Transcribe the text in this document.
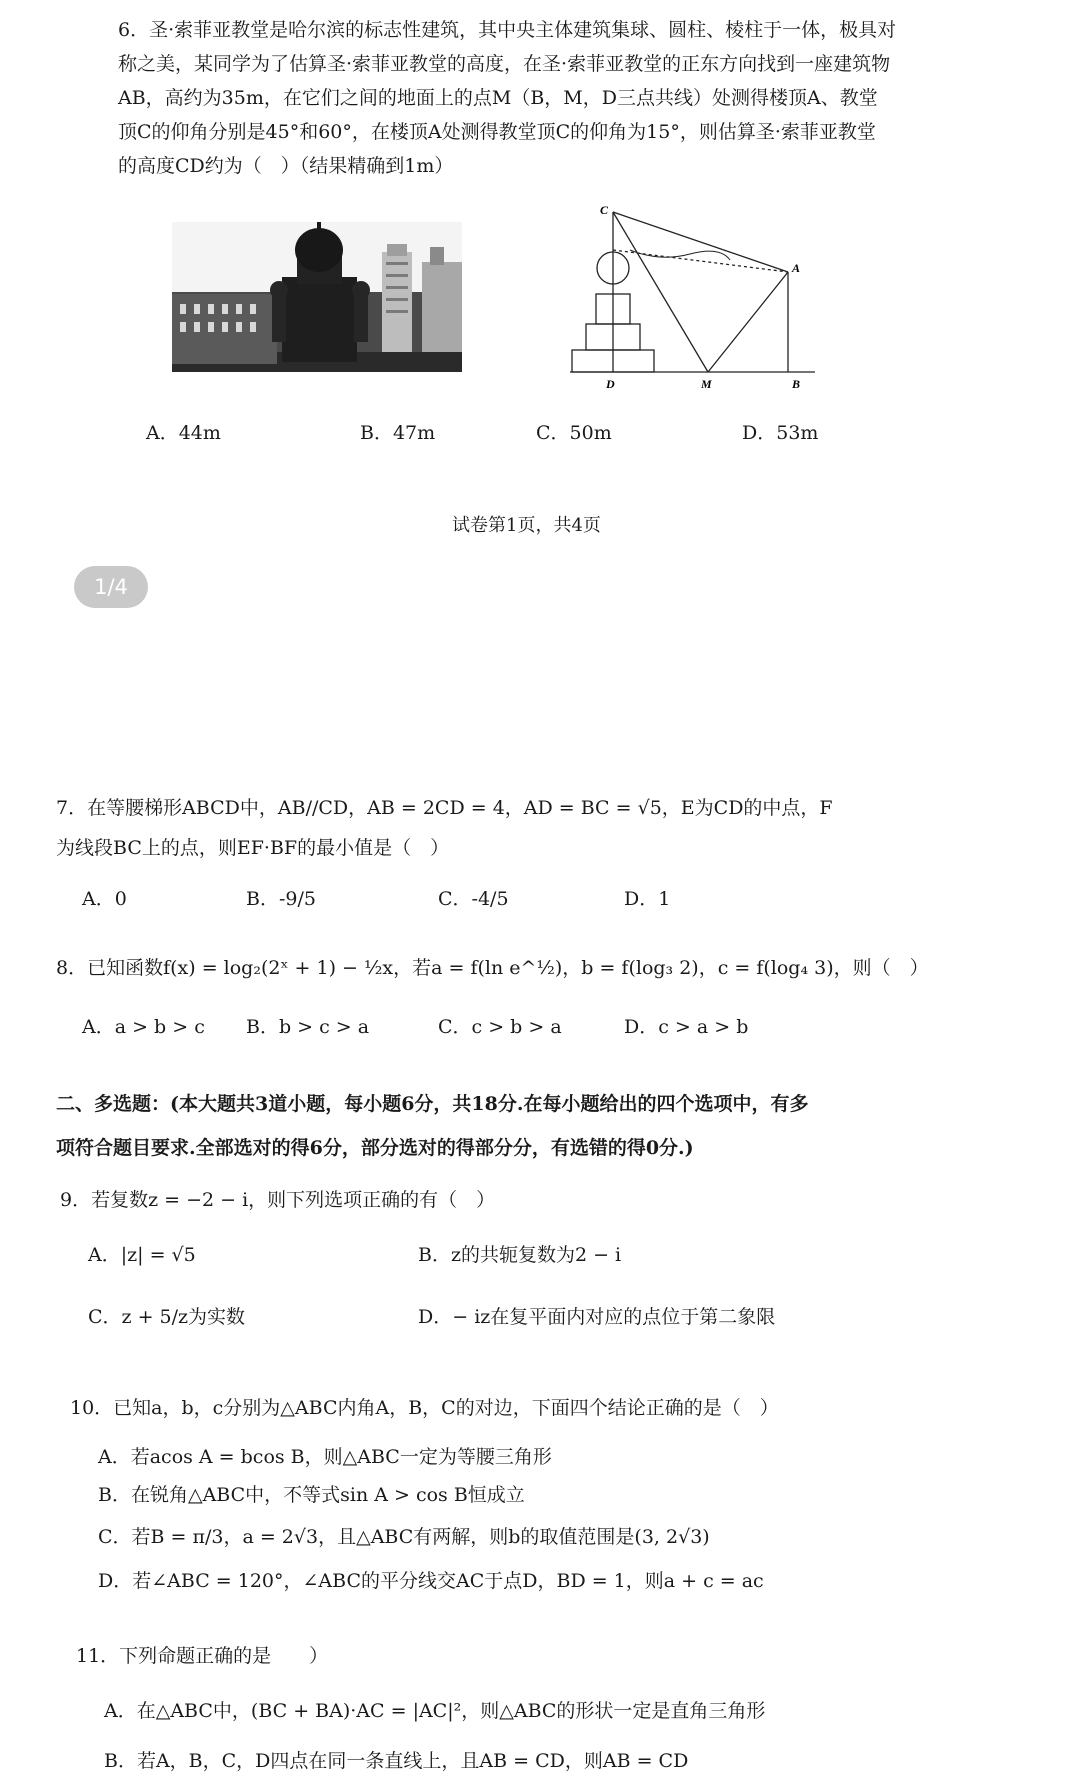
6．圣·索菲亚教堂是哈尔滨的标志性建筑，其中央主体建筑集球、圆柱、棱柱于一体，极具对
称之美，某同学为了估算圣·索菲亚教堂的高度，在圣·索菲亚教堂的正东方向找到一座建筑物
AB，高约为35m，在它们之间的地面上的点M（B，M，D三点共线）处测得楼顶A、教堂
顶C的仰角分别是45°和60°，在楼顶A处测得教堂顶C的仰角为15°，则估算圣·索菲亚教堂
的高度CD约为（　）（结果精确到1m）
C
A
D	M	B
A．44m	B．47m	C．50m	D．53m
试卷第1页，共4页
1/4
7．在等腰梯形ABCD中，AB//CD，AB = 2CD = 4，AD = BC = √5，E为CD的中点，F
为线段BC上的点，则EF·BF的最小值是（　）
A．0	B．-9/5	C．-4/5	D．1
8．已知函数f(x) = log₂(2ˣ + 1) − ½x，若a = f(ln e^½)，b = f(log₃ 2)，c = f(log₄ 3)，则（　）
A．a > b > c B．b > c > a	C．c > b > a	D．c > a > b
二、多选题：(本大题共3道小题，每小题6分，共18分.在每小题给出的四个选项中，有多
项符合题目要求.全部选对的得6分，部分选对的得部分分，有选错的得0分.)
9．若复数z = −2 − i，则下列选项正确的有（　）
A．|z| = √5	B．z的共轭复数为2 − i
C．z + 5/z为实数	D．− iz在复平面内对应的点位于第二象限
10．已知a，b，c分别为△ABC内角A，B，C的对边，下面四个结论正确的是（　）
A．若acos A = bcos B，则△ABC一定为等腰三角形
B．在锐角△ABC中，不等式sin A > cos B恒成立
C．若B = π/3，a = 2√3，且△ABC有两解，则b的取值范围是(3, 2√3)
D．若∠ABC = 120°，∠ABC的平分线交AC于点D，BD = 1，则a + c = ac
11．下列命题正确的是　　）
A．在△ABC中，(BC + BA)·AC = |AC|²，则△ABC的形状一定是直角三角形
B．若A，B，C，D四点在同一条直线上，且AB = CD，则AB = CD
